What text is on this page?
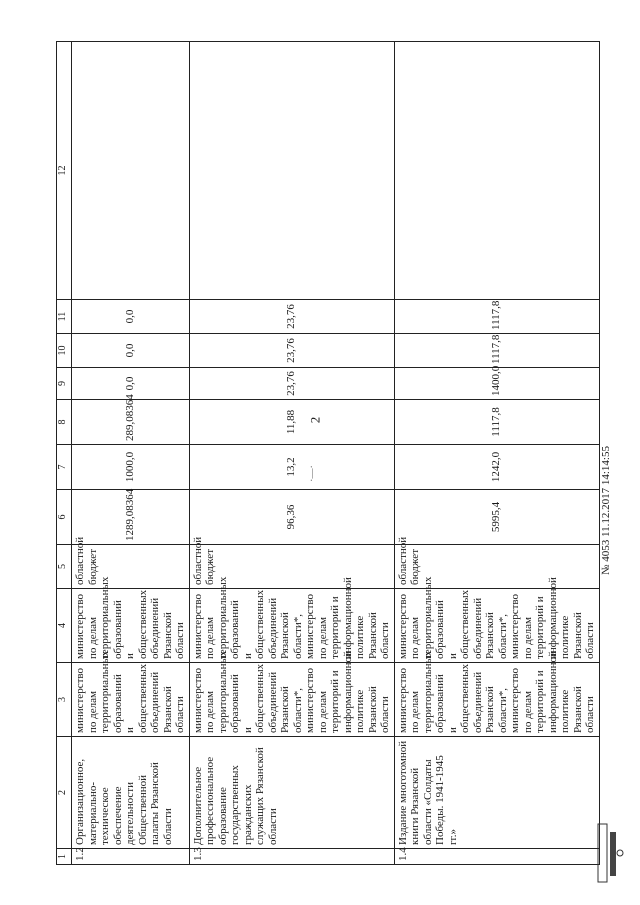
2
·—·
1	2	3	4	5	6	7	8	9	10	11	12
1.2	Организационное, материально-техническое обеспечение деятельности Общественной палаты Рязанской области	министерство по делам территориальных образований и общественных объединений Рязанской области	министерство по делам территориальных образований и общественных объединений Рязанской области	областной бюджет	1289,08364	1000,0	289,08364	0,0	0,0	0,0	
1.3	Дополнительное профессиональное образование государственных гражданских служащих Рязанской области	министерство по делам территориальных образований и общественных объединений Рязанской области*, министерство по делам территорий и информационной политике Рязанской области	министерство по делам территориальных образований и общественных объединений Рязанской области*, министерство по делам территорий и информационной политике Рязанской области	областной бюджет	96,36	13,2	11,88	23,76	23,76	23,76	
1.4	Издание многотомной книги Рязанской области «Солдаты Победы. 1941-1945 гг.»	министерство по делам территориальных образований и общественных объединений Рязанской области*, министерство по делам территорий и информационной политике Рязанской области	министерство по делам территориальных образований и общественных объединений Рязанской области*, министерство по делам территорий и информационной политике Рязанской области	областной бюджет	5995,4	1242,0	1117,8	1400,0	1117,8	1117,8	
№ 4053 11.12.2017 14:14:55
